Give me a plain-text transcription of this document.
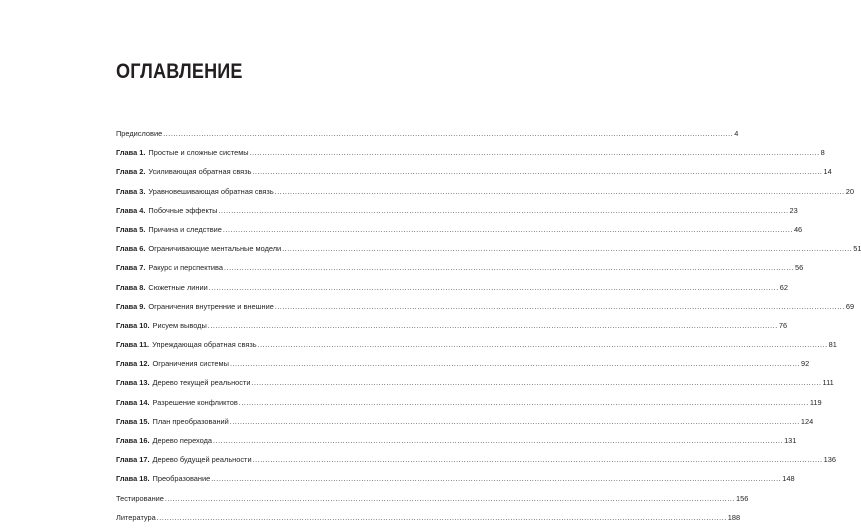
ОГЛАВЛЕНИЕ
Предисловие .....	4
Глава 1. Простые и сложные системы .....	8
Глава 2. Усиливающая обратная связь .....	14
Глава 3. Уравновешивающая обратная связь .....	20
Глава 4. Побочные эффекты .....	23
Глава 5. Причина и следствие .....	46
Глава 6. Ограничивающие ментальные модели .....	51
Глава 7. Ракурс и перспектива .....	56
Глава 8. Сюжетные линии .....	62
Глава 9. Ограничения внутренние и внешние .....	69
Глава 10. Рисуем выводы .....	76
Глава 11. Упреждающая обратная связь .....	81
Глава 12. Ограничения системы .....	92
Глава 13. Дерево текущей реальности .....	111
Глава 14. Разрешение конфликтов .....	119
Глава 15. План преобразований .....	124
Глава 16. Дерево перехода .....	131
Глава 17. Дерево будущей реальности .....	136
Глава 18. Преобразование .....	148
Тестирование .....	156
Литература .....	188
